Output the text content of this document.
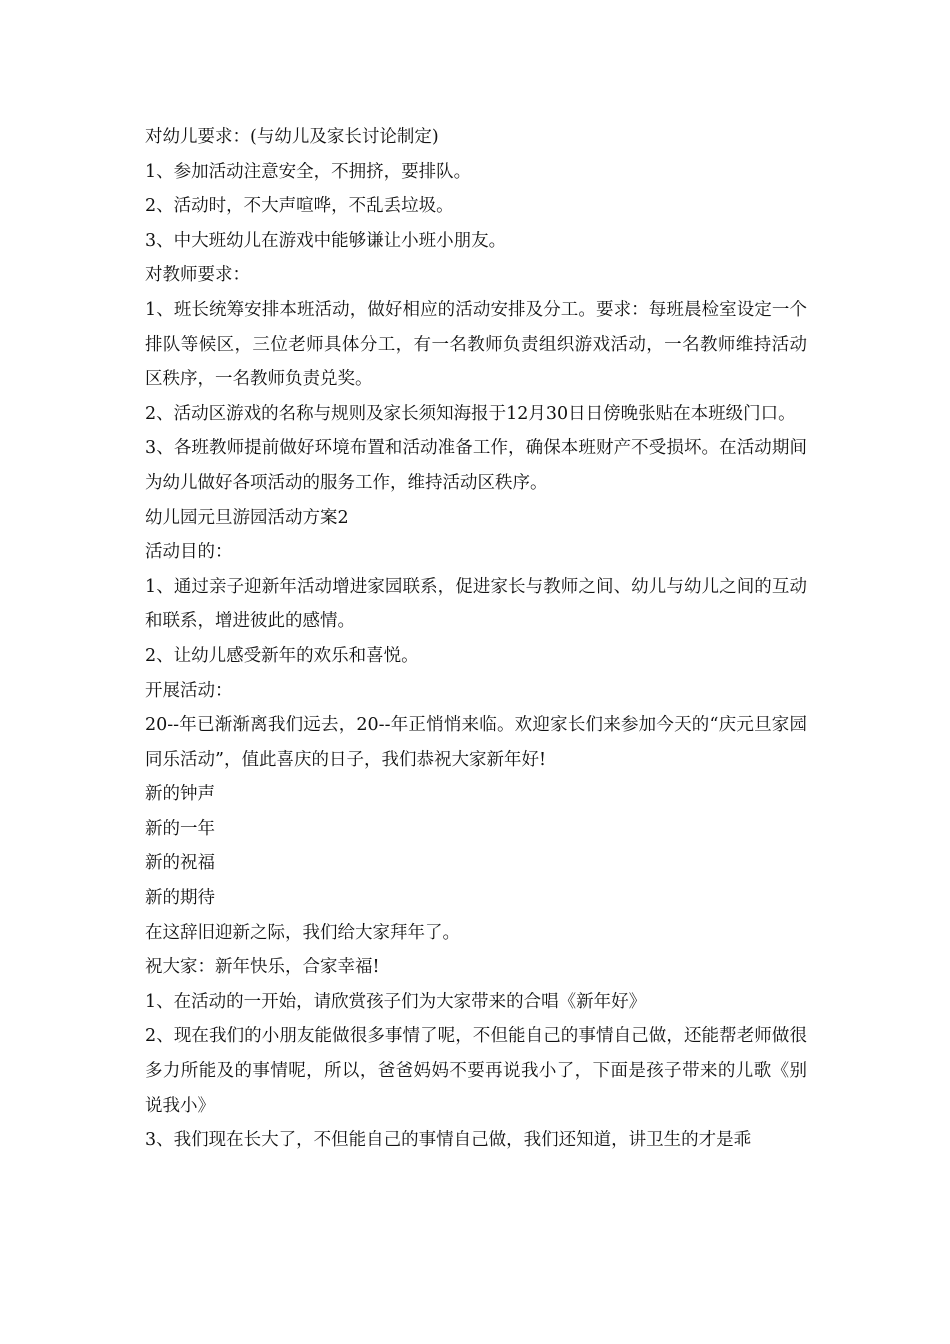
对幼儿要求：(与幼儿及家长讨论制定)

1、参加活动注意安全，不拥挤，要排队。

2、活动时，不大声喧哗，不乱丢垃圾。

3、中大班幼儿在游戏中能够谦让小班小朋友。

对教师要求：

1、班长统筹安排本班活动，做好相应的活动安排及分工。要求：每班晨检室设定一个排队等候区，三位老师具体分工，有一名教师负责组织游戏活动，一名教师维持活动区秩序，一名教师负责兑奖。

2、活动区游戏的名称与规则及家长须知海报于12月30日日傍晚张贴在本班级门口。

3、各班教师提前做好环境布置和活动准备工作，确保本班财产不受损坏。在活动期间为幼儿做好各项活动的服务工作，维持活动区秩序。

幼儿园元旦游园活动方案2

活动目的：

1、通过亲子迎新年活动增进家园联系，促进家长与教师之间、幼儿与幼儿之间的互动和联系，增进彼此的感情。

2、让幼儿感受新年的欢乐和喜悦。

开展活动：

20--年已渐渐离我们远去，20--年正悄悄来临。欢迎家长们来参加今天的“庆元旦家园同乐活动”，值此喜庆的日子，我们恭祝大家新年好!

新的钟声

新的一年

新的祝福

新的期待

在这辞旧迎新之际，我们给大家拜年了。

祝大家：新年快乐，合家幸福!

1、在活动的一开始，请欣赏孩子们为大家带来的合唱《新年好》

2、现在我们的小朋友能做很多事情了呢，不但能自己的事情自己做，还能帮老师做很多力所能及的事情呢，所以，爸爸妈妈不要再说我小了，下面是孩子带来的儿歌《别说我小》

3、我们现在长大了，不但能自己的事情自己做，我们还知道，讲卫生的才是乖
